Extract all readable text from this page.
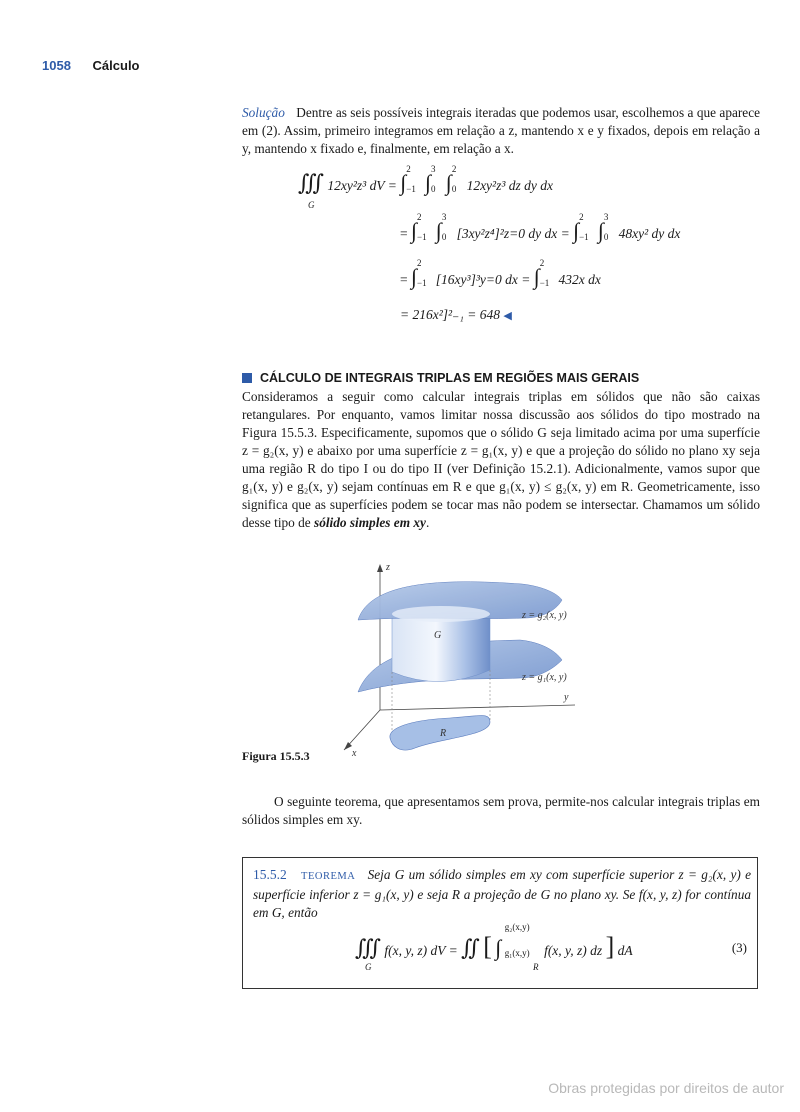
1058 Cálculo

Solução Dentre as seis possíveis integrais iteradas que podemos usar, escolhemos a que aparece em (2). Assim, primeiro integramos em relação a z, mantendo x e y fixados, depois em relação a y, mantendo x fixado e, finalmente, em relação a x.

∭
G
12xy²z³ dV = ∫
2
−1 ∫
3
0 ∫
2
0 12xy²z³ dz dy dx
= ∫
2
−1 ∫
3
0 [3xy²z⁴]²z=0 dy dx = ∫
2
−1 ∫
3
0 48xy² dy dx
= ∫
2
−1 [16xy³]³y=0 dx = ∫
2
−1 432x dx
= 216x²]²₋₁ = 648 ◀
CÁLCULO DE INTEGRAIS TRIPLAS EM REGIÕES MAIS GERAIS

Consideramos a seguir como calcular integrais triplas em sólidos que não são caixas retangulares. Por enquanto, vamos limitar nossa discussão aos sólidos do tipo mostrado na Figura 15.5.3. Especificamente, supomos que o sólido G seja limitado acima por uma superfície z = g₂(x, y) e abaixo por uma superfície z = g₁(x, y) e que a projeção do sólido no plano xy seja uma região R do tipo I ou do tipo II (ver Definição 15.2.1). Adicionalmente, vamos supor que g₁(x, y) e g₂(x, y) sejam contínuas em R e que g₁(x, y) ≤ g₂(x, y) em R. Geometricamente, isso significa que as superfícies podem se tocar mas não podem se intersectar. Chamamos um sólido desse tipo de sólido simples em xy.

z
y
x
G
R
z = g₂(x, y)
z = g₁(x, y)
Figura 15.5.3

O seguinte teorema, que apresentamos sem prova, permite-nos calcular integrais triplas em sólidos simples em xy.

15.5.2 TEOREMA Seja G um sólido simples em xy com superfície superior z = g₂(x, y) e superfície inferior z = g₁(x, y) e seja R a projeção de G no plano xy. Se f(x, y, z) for contínua em G, então
∭
G
f(x, y, z) dV = ∬
R
[ ∫
g₂(x,y)
g₁(x,y) f(x, y, z) dz ] dA	(3)
Obras protegidas por direitos de autor
